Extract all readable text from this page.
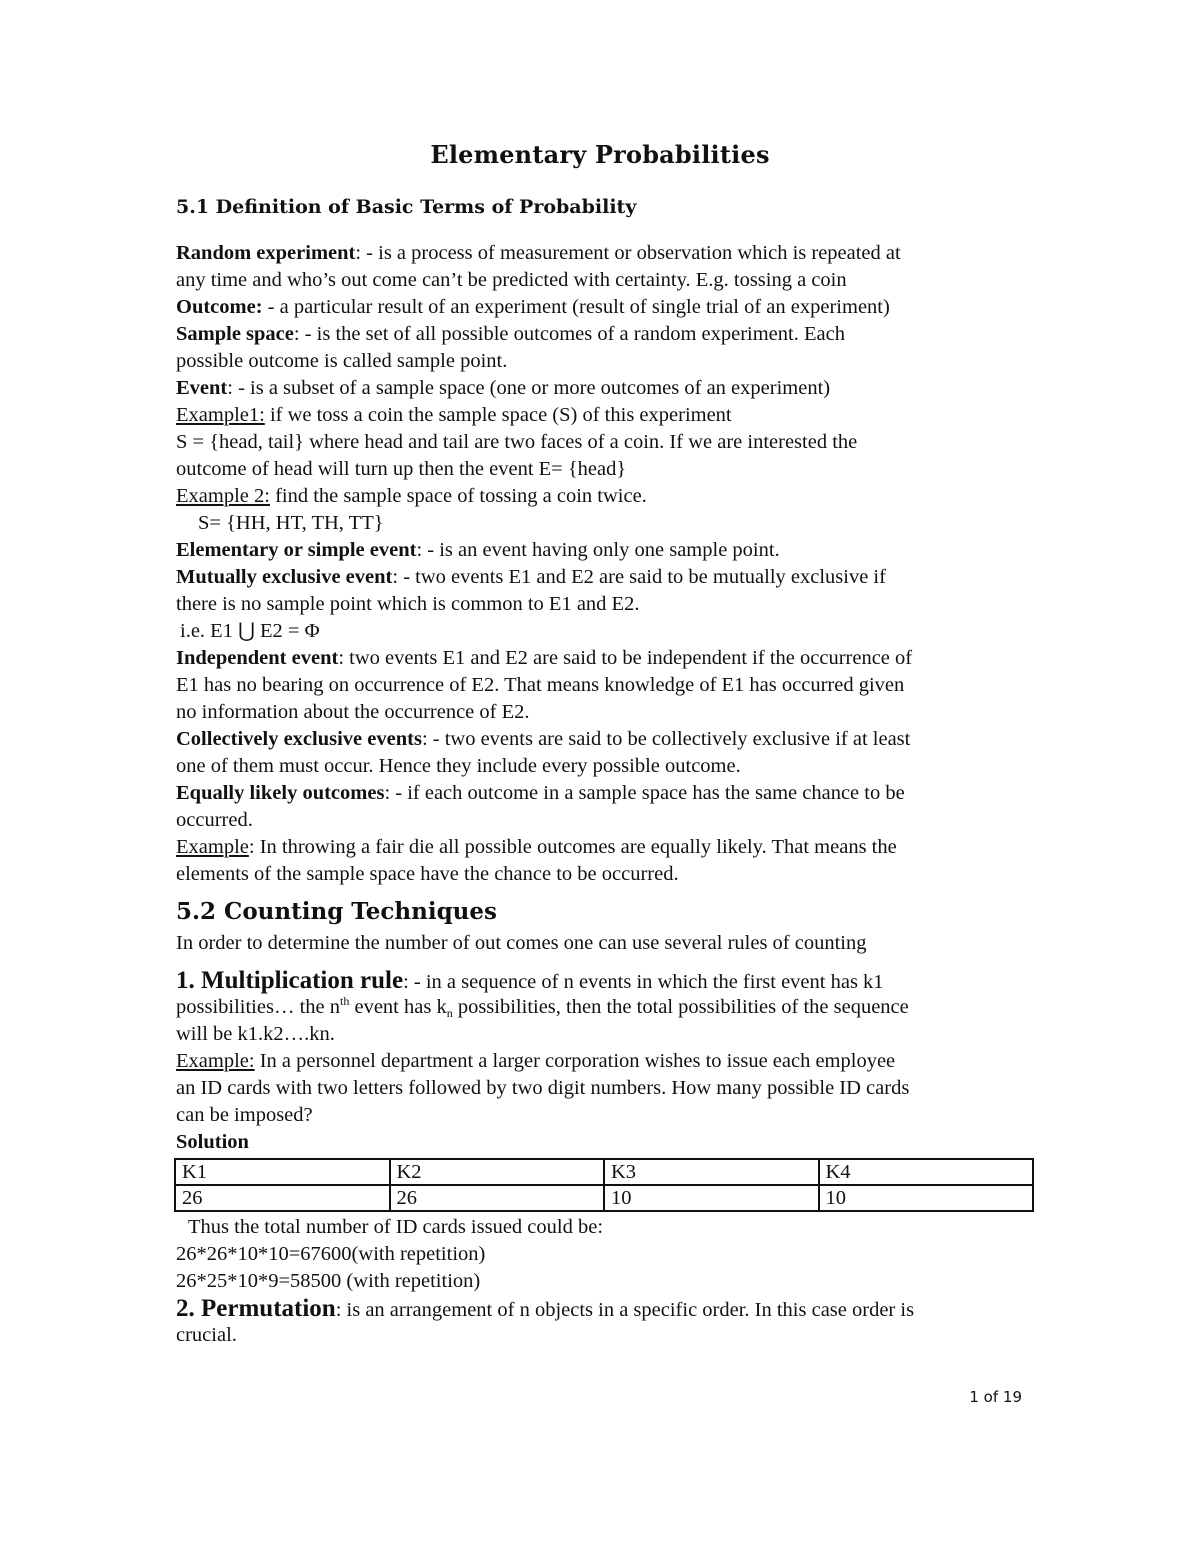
Elementary Probabilities
5.1 Definition of Basic Terms of Probability
Random experiment: - is a process of measurement or observation which is repeated at
any time and who’s out come can’t be predicted with certainty. E.g. tossing a coin
Outcome: - a particular result of an experiment (result of single trial of an experiment)
Sample space: - is the set of all possible outcomes of a random experiment. Each
possible outcome is called sample point.
Event: - is a subset of a sample space (one or more outcomes of an experiment)
Example1: if we toss a coin the sample space (S) of this experiment
S = {head, tail} where head and tail are two faces of a coin. If we are interested the
outcome of head will turn up then the event E= {head}
Example 2: find the sample space of tossing a coin twice.
S= {HH, HT, TH, TT}
Elementary or simple event: - is an event having only one sample point.
Mutually exclusive event: - two events E1 and E2 are said to be mutually exclusive if
there is no sample point which is common to E1 and E2.
i.e. E1 ⋃ E2 = Φ
Independent event: two events E1 and E2 are said to be independent if the occurrence of
E1 has no bearing on occurrence of E2. That means knowledge of E1 has occurred given
no information about the occurrence of E2.
Collectively exclusive events: - two events are said to be collectively exclusive if at least
one of them must occur. Hence they include every possible outcome.
Equally likely outcomes: - if each outcome in a sample space has the same chance to be
occurred.
Example: In throwing a fair die all possible outcomes are equally likely. That means the
elements of the sample space have the chance to be occurred.
5.2 Counting Techniques
In order to determine the number of out comes one can use several rules of counting
1. Multiplication rule: - in a sequence of n events in which the first event has k1
possibilities… the $n^{th}$ event has $k_n$ possibilities, then the total possibilities of the sequence
will be k1.k2….kn.
Example: In a personnel department a larger corporation wishes to issue each employee
an ID cards with two letters followed by two digit numbers. How many possible ID cards
can be imposed?
Solution
K1	K2	K3	K4
26	26	10	10
Thus the total number of ID cards issued could be:
26*26*10*10=67600(with repetition)
26*25*10*9=58500 (with repetition)
2. Permutation: is an arrangement of n objects in a specific order. In this case order is
crucial.
1 of 19
